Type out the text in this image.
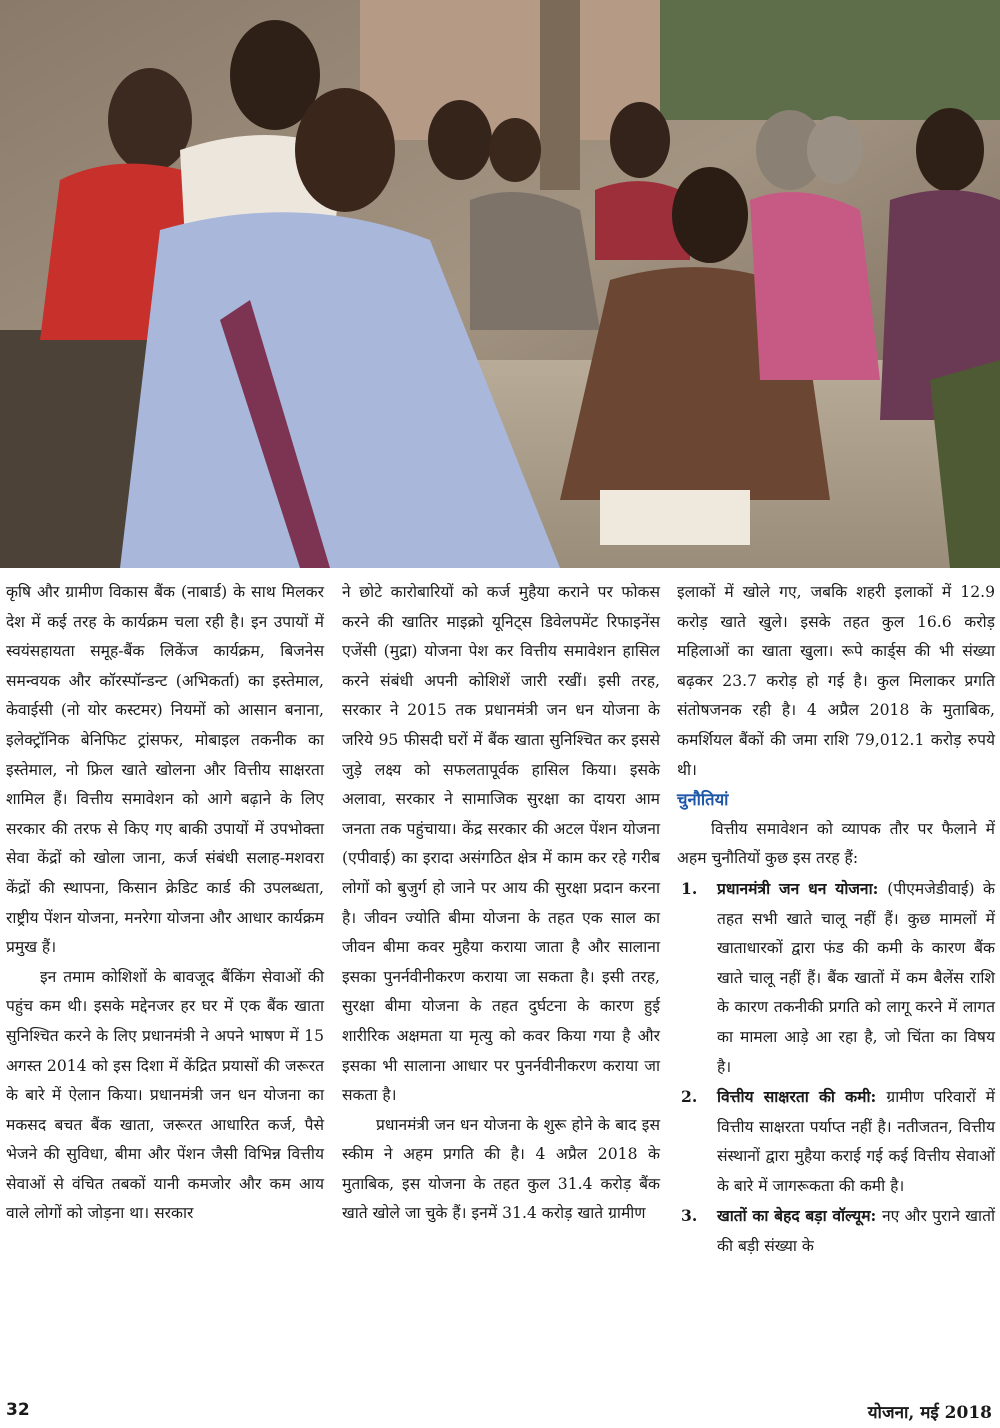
कृषि और ग्रामीण विकास बैंक (नाबार्ड) के साथ मिलकर देश में कई तरह के कार्यक्रम चला रही है। इन उपायों में स्वयंसहायता समूह-बैंक लिकेंज कार्यक्रम, बिजनेस समन्वयक और कॉरस्पॉन्डन्ट (अभिकर्ता) का इस्तेमाल, केवाईसी (नो योर कस्टमर) नियमों को आसान बनाना, इलेक्ट्रॉनिक बेनिफिट ट्रांसफर, मोबाइल तकनीक का इस्तेमाल, नो फ्रिल खाते खोलना और वित्तीय साक्षरता शामिल हैं। वित्तीय समावेशन को आगे बढ़ाने के लिए सरकार की तरफ से किए गए बाकी उपायों में उपभोक्ता सेवा केंद्रों को खोला जाना, कर्ज संबंधी सलाह-मशवरा केंद्रों की स्थापना, किसान क्रेडिट कार्ड की उपलब्धता, राष्ट्रीय पेंशन योजना, मनरेगा योजना और आधार कार्यक्रम प्रमुख हैं।

इन तमाम कोशिशों के बावजूद बैंकिंग सेवाओं की पहुंच कम थी। इसके मद्देनजर हर घर में एक बैंक खाता सुनिश्चित करने के लिए प्रधानमंत्री ने अपने भाषण में 15 अगस्त 2014 को इस दिशा में केंद्रित प्रयासों की जरूरत के बारे में ऐलान किया। प्रधानमंत्री जन धन योजना का मकसद बचत बैंक खाता, जरूरत आधारित कर्ज, पैसे भेजने की सुविधा, बीमा और पेंशन जैसी विभिन्न वित्तीय सेवाओं से वंचित तबकों यानी कमजोर और कम आय वाले लोगों को जोड़ना था। सरकार

ने छोटे कारोबारियों को कर्ज मुहैया कराने पर फोकस करने की खातिर माइक्रो यूनिट्स डिवेलपमेंट रिफाइनेंस एजेंसी (मुद्रा) योजना पेश कर वित्तीय समावेशन हासिल करने संबंधी अपनी कोशिशें जारी रखीं। इसी तरह, सरकार ने 2015 तक प्रधानमंत्री जन धन योजना के जरिये 95 फीसदी घरों में बैंक खाता सुनिश्चित कर इससे जुड़े लक्ष्य को सफलतापूर्वक हासिल किया। इसके अलावा, सरकार ने सामाजिक सुरक्षा का दायरा आम जनता तक पहुंचाया। केंद्र सरकार की अटल पेंशन योजना (एपीवाई) का इरादा असंगठित क्षेत्र में काम कर रहे गरीब लोगों को बुजुर्ग हो जाने पर आय की सुरक्षा प्रदान करना है। जीवन ज्योति बीमा योजना के तहत एक साल का जीवन बीमा कवर मुहैया कराया जाता है और सालाना इसका पुनर्नवीनीकरण कराया जा सकता है। इसी तरह, सुरक्षा बीमा योजना के तहत दुर्घटना के कारण हुई शारीरिक अक्षमता या मृत्यु को कवर किया गया है और इसका भी सालाना आधार पर पुनर्नवीनीकरण कराया जा सकता है।

प्रधानमंत्री जन धन योजना के शुरू होने के बाद इस स्कीम ने अहम प्रगति की है। 4 अप्रैल 2018 के मुताबिक, इस योजना के तहत कुल 31.4 करोड़ बैंक खाते खोले जा चुके हैं। इनमें 31.4 करोड़ खाते ग्रामीण

इलाकों में खोले गए, जबकि शहरी इलाकों में 12.9 करोड़ खाते खुले। इसके तहत कुल 16.6 करोड़ महिलाओं का खाता खुला। रूपे कार्ड्स की भी संख्या बढ़कर 23.7 करोड़ हो गई है। कुल मिलाकर प्रगति संतोषजनक रही है। 4 अप्रैल 2018 के मुताबिक, कमर्शियल बैंकों की जमा राशि 79,012.1 करोड़ रुपये थी।

चुनौतियां

वित्तीय समावेशन को व्यापक तौर पर फैलाने में अहम चुनौतियों कुछ इस तरह हैं:

1. प्रधानमंत्री जन धन योजना: (पीएमजेडीवाई) के तहत सभी खाते चालू नहीं हैं। कुछ मामलों में खाताधारकों द्वारा फंड की कमी के कारण बैंक खाते चालू नहीं हैं। बैंक खातों में कम बैलेंस राशि के कारण तकनीकी प्रगति को लागू करने में लागत का मामला आड़े आ रहा है, जो चिंता का विषय है।
2. वित्तीय साक्षरता की कमी: ग्रामीण परिवारों में वित्तीय साक्षरता पर्याप्त नहीं है। नतीजतन, वित्तीय संस्थानों द्वारा मुहैया कराई गई कई वित्तीय सेवाओं के बारे में जागरूकता की कमी है।
3. खातों का बेहद बड़ा वॉल्यूम: नए और पुराने खातों की बड़ी संख्या के
32	योजना, मई 2018
